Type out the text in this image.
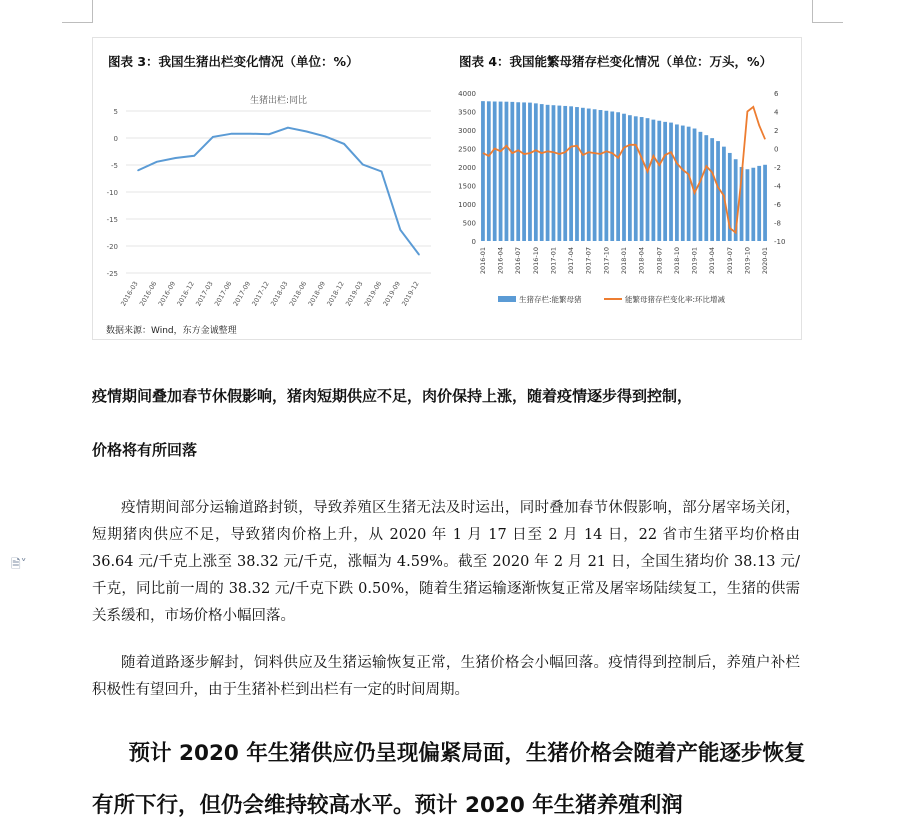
图表 3：我国生猪出栏变化情况（单位：%）	图表 4：我国能繁母猪存栏变化情况（单位：万头，%）
生猪出栏:同比
5
0
-5
-10
-15
-20
-25
2016-03
2016-06
2016-09
2016-12
2017-03
2017-06
2017-09
2017-12
2018-03
2018-06
2018-09
2018-12
2019-03
2019-06
2019-09
2019-12
4000
3500
3000
2500
2000
1500
1000
500
0
6
4
2
0
-2
-4
-6
-8
-10
2016-01 2016-04 2016-07 2016-10 2017-01 2017-04 2017-07 2017-10 2018-01 2018-04 2018-07 2018-10 2019-01 2019-04 2019-07 2019-10 2020-01
生猪存栏:能繁母猪	能繁母猪存栏变化率:环比增减
数据来源：Wind，东方金诚整理
疫情期间叠加春节休假影响，猪肉短期供应不足，肉价保持上涨，随着疫情逐步得到控制，
价格将有所回落
🗎˅

疫情期间部分运输道路封锁，导致养殖区生猪无法及时运出，同时叠加春节休假影响，部分屠宰场关闭，短期猪肉供应不足，导致猪肉价格上升，从 2020 年 1 月 17 日至 2 月 14 日，22 省市生猪平均价格由 36.64 元/千克上涨至 38.32 元/千克，涨幅为 4.59%。截至 2020 年 2 月 21 日，全国生猪均价 38.13 元/千克，同比前一周的 38.32 元/千克下跌 0.50%，随着生猪运输逐渐恢复正常及屠宰场陆续复工，生猪的供需关系缓和，市场价格小幅回落。

随着道路逐步解封，饲料供应及生猪运输恢复正常，生猪价格会小幅回落。疫情得到控制后，养殖户补栏积极性有望回升，由于生猪补栏到出栏有一定的时间周期。

预计 2020 年生猪供应仍呈现偏紧局面，生猪价格会随着产能逐步恢复有所下行，但仍会维持较高水平。预计 2020 年生猪养殖利润
